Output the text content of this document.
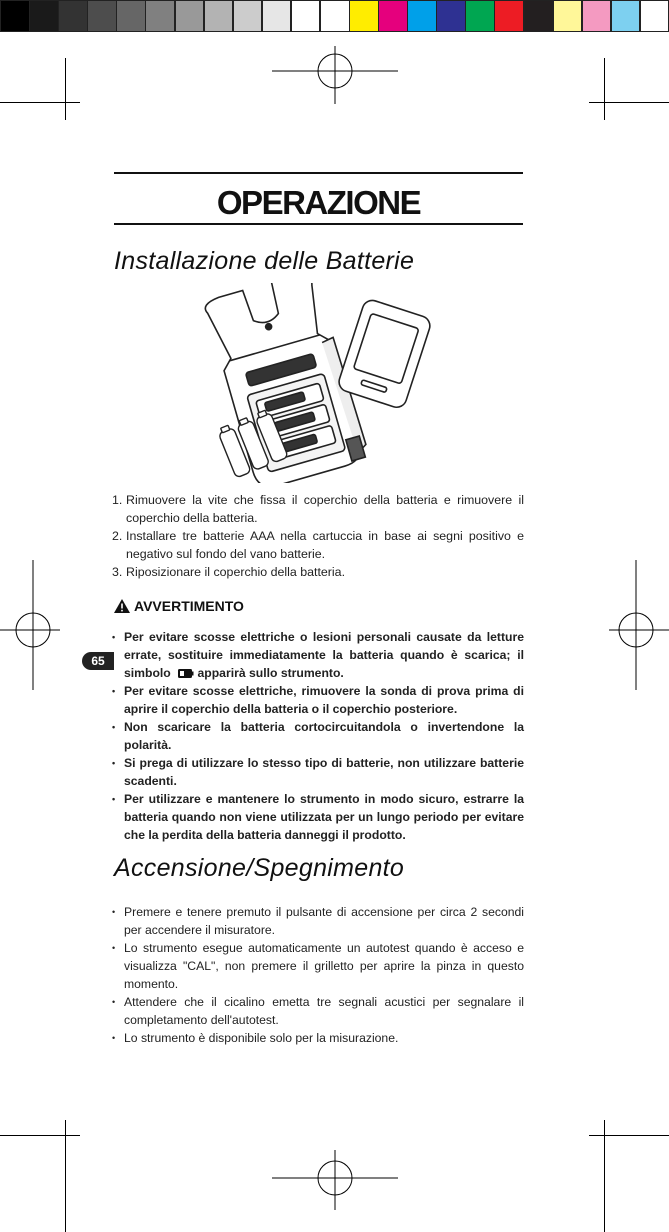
OPERAZIONE
Installazione delle Batterie
1. Rimuovere la vite che fissa il coperchio della batteria e rimuovere il coperchio della batteria.
2. Installare tre batterie AAA nella cartuccia in base ai segni positivo e negativo sul fondo del vano batterie.
3. Riposizionare il coperchio della batteria.
AVVERTIMENTO
65
• Per evitare scosse elettriche o lesioni personali causate da letture errate, sostituire immediatamente la batteria quando è scarica; il simbolo apparirà sullo strumento.
• Per evitare scosse elettriche, rimuovere la sonda di prova prima di aprire il coperchio della batteria o il coperchio posteriore.
• Non scaricare la batteria cortocircuitandola o invertendone la polarità.
• Si prega di utilizzare lo stesso tipo di batterie, non utilizzare batterie scadenti.
• Per utilizzare e mantenere lo strumento in modo sicuro, estrarre la batteria quando non viene utilizzata per un lungo periodo per evitare che la perdita della batteria danneggi il prodotto.
Accensione/Spegnimento
• Premere e tenere premuto il pulsante di accensione per circa 2 secondi per accendere il misuratore.
• Lo strumento esegue automaticamente un autotest quando è acceso e visualizza "CAL", non premere il grilletto per aprire la pinza in questo momento.
• Attendere che il cicalino emetta tre segnali acustici per segnalare il completamento dell'autotest.
• Lo strumento è disponibile solo per la misurazione.
